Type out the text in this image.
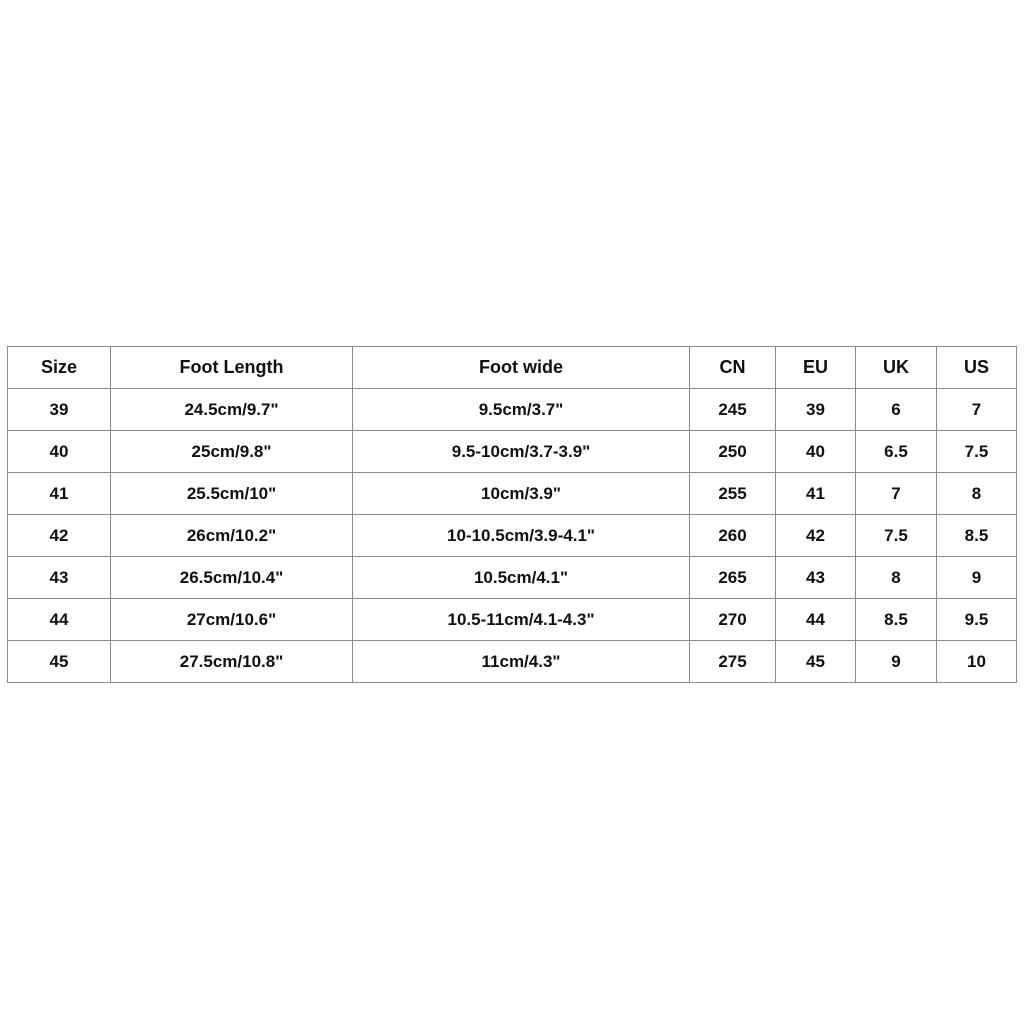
Size	Foot Length	Foot wide	CN	EU	UK	US
39	24.5cm/9.7"	9.5cm/3.7"	245	39	6	7
40	25cm/9.8"	9.5-10cm/3.7-3.9"	250	40	6.5	7.5
41	25.5cm/10"	10cm/3.9"	255	41	7	8
42	26cm/10.2"	10-10.5cm/3.9-4.1"	260	42	7.5	8.5
43	26.5cm/10.4"	10.5cm/4.1"	265	43	8	9
44	27cm/10.6"	10.5-11cm/4.1-4.3"	270	44	8.5	9.5
45	27.5cm/10.8"	11cm/4.3"	275	45	9	10
